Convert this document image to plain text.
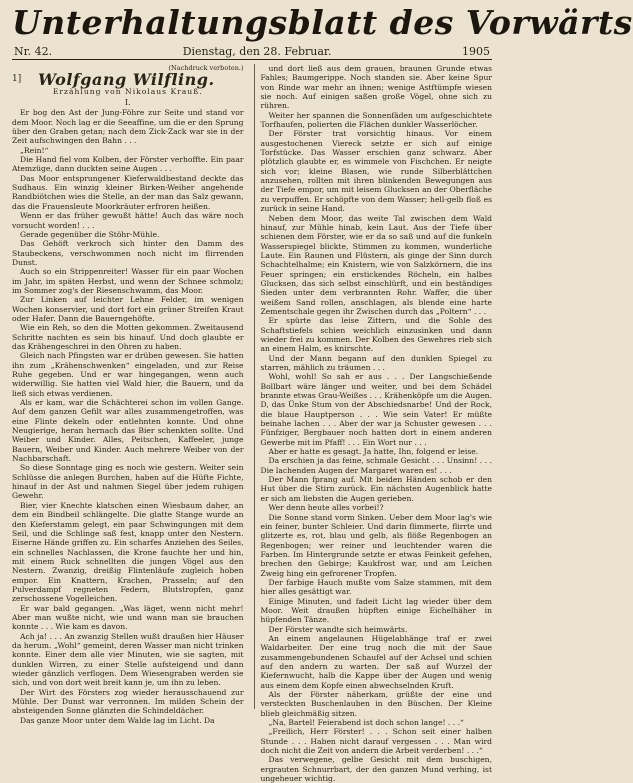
Unterhaltungsblatt des Vorwärts
Nr. 42.	Dienstag, den 28. Februar.	1905
(Nachdruck verboten.)
1]	Wolfgang Wilfling.
Erzählung von Nikolaus Krauß.
I.

Er bog den Ast der Jung-Föhre zur Seite und stand vor dem Moor. Noch lag er die Seeaffine, um die er den Sprung über den Graben getan; nach dem Zick-Zack war sie in der Zeit aufschwingen den Bahn . . .

„Rein!“

Die Hand fiel vom Kolben, der Förster verhoffte. Ein paar Atemzüge, dann duckten seine Augen . . .

Das Moor entsprungener Kieferwaldbestand deckte das Sudhaus. Ein winzig kleiner Birken-Weiher angehende Randbiötchen wies die Stelle, an der man das Salz gewann, das die Frauensleute Moorkräuter erfroren heißen.

Wenn er das früher gewußt hätte! Auch das wäre noch vorsucht worden! . . .

Gerade gegenüber die Stöhr-Mühle.

Das Gehöft verkroch sich hinter den Damm des Staubeckens, verschwommen noch nicht im flirrenden Dunst.

Auch so ein Strippenreiter! Wasser für ein paar Wochen im Jahr, im späten Herbst, und wenn der Schnee schmolz; im Sommer zog's der Riesenschwamm, das Moor.

Zur Linken auf leichter Lehne Felder, im wenigen Wochen konservier, und dort fort ein grüner Streifen Kraut oder Hafer. Dann die Bauerngehöfte.

Wie ein Reh, so den die Motten gekommen. Zweitausend Schritte nachten es sein bis hinauf. Und doch glaubte er das Krähengeschrei in den Ohren zu haben.

Gleich nach Pfingsten war er drüben gewesen. Sie hatten ihn zum „Krähenschwenken“ eingeladen, und zur Reise Ruhe gegeben. Und er war hingegangen, wenn auch widerwillig. Sie hatten viel Wald hier, die Bauern, und da ließ sich etwas verdienen.

Als er kam, war die Schächterei schon im vollen Gange. Auf dem ganzen Gefilt war alles zusammengetroffen, was eine Flinte dekeln oder entlehnten konnte. Und ohne Neugierige, heran hernach das Bier schenkten sollte. Und Weiber und Kinder. Alles, Peitschen, Kaffeeler, junge Bauern, Weiber und Kinder. Auch mehrere Weiber von der Nachbarschaft.

So diese Sonntage ging es noch wie gestern. Weiter sein Schlüsse die anlegen Burchen, haben auf die Hüfte Fichte, hinauf in der Ast und nahmen Siegel über jedem ruhigen Gewehr.

Bier, vier Knechte klatschen einen Wiesbaum daher, an dem ein Bindbeil schlängelte. Die glatte Stange wurde an den Kieferstamm gelegt, ein paar Schwingungen mit dem Seil, und die Schlinge saß fest, knapp unter den Nestern. Eiserne Hände griffen zu. Ein scharfes Anziehen des Seiles, ein schnelles Nachlassen, die Krone fauchte her und hin, mit einem Ruck schnellten die jungen Vögel aus den Nestern. Zwanzig, dreißig Flintenläufe zugleich hoben empor. Ein Knattern, Krachen, Prasseln; auf den Pulverdampf regneten Federn, Blutstropfen, ganz zerschossene Vogelleichen.

Er war bald gegangen. „Was läget, wenn nicht mehr! Aber man wußte nicht, wie und wann man sie brauchen konnte . . . Wie kam es davon.

Ach ja! . . . An zwanzig Stellen wußt draußen hier Häuser da herum. „Wohl“ gemeint, deren Wasser man nicht trinken konnte. Einer dem alle vier Minuten, wie sie sagten, mit dunklen Wirren, zu einer Stelle aufsteigend und dann wieder gänzlich verflogen. Dem Wiesengraben werden sie sich, und von dort weit breit kann je, um ihn zu leben.

Der Wirt des Försters zog wieder herausschauend zur Mühle. Der Dunst war verronnen. Im milden Schein der absteigenden Sonne glänzten die Schindeldächer.

Das ganze Moor unter dem Walde lag im Licht. Da

und dort ließ aus dem grauen, braunen Grunde etwas Fahles; Baumgerippe. Noch standen sie. Aber keine Spur von Rinde war mehr an ihnen; wenige Astftümpfe wiesen sie noch. Auf einigen saßen große Vögel, ohne sich zu rühren.

Weiter her spannen die Sonnenfäden um aufgeschichtete Torfhaufen, polierten die Flächen dunkler Wasserlöcher.

Der Förster trat vorsichtig hinaus. Vor einem ausgestochenen Viereck setzte er sich auf einige Torfstücke. Das Wasser erschien ganz schwarz. Aber plötzlich glaubte er, es wimmele von Fischchen. Er neigte sich vor; kleine Blasen, wie runde Silberblättchen anzusehen, rollten mit ihren blinkenden Bewegungen aus der Tiefe empor, um mit leisem Glucksen an der Oberfläche zu verpuffen. Er schöpfte von dem Wasser; hell-gelb floß es zurück in seine Hand.

Neben dem Moor, das weite Tal zwischen dem Wald hinauf, zur Mühle hinab, kein Laut. Aus der Tiefe über schienen dem Förster, wie er da so saß und auf die funkeln Wasserspiegel blickte, Stimmen zu kommen, wunderliche Laute. Ein Raunen und Flüstern, als ginge der Sinn durch Schachtelhalme; ein Knistern, wie von Salzkörnern, die ins Feuer springen; ein erstickendes Röcheln, ein halbes Glucksen, das sich selbst einschlürft, und ein beständiges Sieden unter dem verbrannten Rohr. Waffer, die über weißem Sand rollen, anschlagen, als blende eine harte Zementschale gegen ihr Zwischen durch das „Poltern“ . . .

Er spürte das leise Zittern, und die Sohle des Schaftstiefels schien weichlich einzusinken und dann wieder frei zu kommen. Der Kolben des Gewehres rieb sich an einem Halm, es knirschte.

Und der Mann begann auf den dunklen Spiegel zu starren, mählich zu träumen . . .

Wohl, wohl! So sah er aus . . . Der Langschießende Bollbart wäre länger und weiter, und bei dem Schädel brannte etwas Grau-Weißes . . . Krähenköpfe um die Augen. D, das Ünke Stum von der Abschiedsnarbe! Und der Rock, die blaue Hauptperson . . . Wie sein Vater! Er müßte beinahe lachen . . . Aber der war ja Schuster gewesen . . . Fünfziger, Bergbauer noch hatten dort in einem anderen Gewerbe mit im Pfaff! . . . Ein Wort nur . . .

Aber er hatte es gesagt. Ja hatte, Ihn, folgend er leise.

Da erschien ja das feine, schmale Gesicht . . . Unsinn! . . . Die lachenden Augen der Margaret waren es! . . .

Der Mann fprang auf. Mit beiden Händen schob er den Hut über die Stirn zurück. Ein nächsten Augenblick hatte er sich am liebsten die Augen gerieben.

Wer denn heute alles vorbei!?

Die Sonne stand vorm Sinken. Ueber dem Moor lag's wie ein feiner, bunter Schleier. Und darin flimmerte, flirrte und glitzerte es, rot, blau und gelb, als flöße Regenbogen an Regenbogen; wer reiner und leuchtender waren die Farben. Im Hintergrunde setzte er etwas Feinkeit gefehen, brechen den Gebirge; Kaukfrost war, und am Leichen Zweig hing ein gefrorener Tropfen.

Der farbige Hauch mußte vom Salze stammen, mit dem hier alles gesättigt war.

Einige Minuten, und fadeit Licht lag wieder über dem Moor. Weit draußen hüpften einige Eichelhäher in hüpfenden Tänze.

Der Förster wandte sich heimwärts.

An einem angelaunen Hügelabhänge traf er zwei Waldarbeiter. Der eine trug noch die mit der Saue zusammengebundenen Schaufel auf der Achsel und schien auf den andern zu warten. Der saß auf Wurzel der Kiefernwucht, halb die Kappe über der Augen und wenig aus einem dem Kopfe einen abwechselnden Kruft.

Als der Förster näherkam, grüßte der eine und versteckten Buschenlauben in den Büschen. Der Kleine blieb gleichmäßig sitzen.

„Na, Bartel! Feierabend ist doch schon lange! . . .“

„Freilich, Herr Förster! . . . Schon seit einer halben Stunde . . . Haben nicht darauf vergessen . . . Man wird doch nicht die Zeit von andern die Arbeit verderben! . . .“

Das verwegene, gelbe Gesicht mit dem buschigen, ergrauten Schnurrbart, der den ganzen Mund verhing, ist ungeheuer wichtig.
